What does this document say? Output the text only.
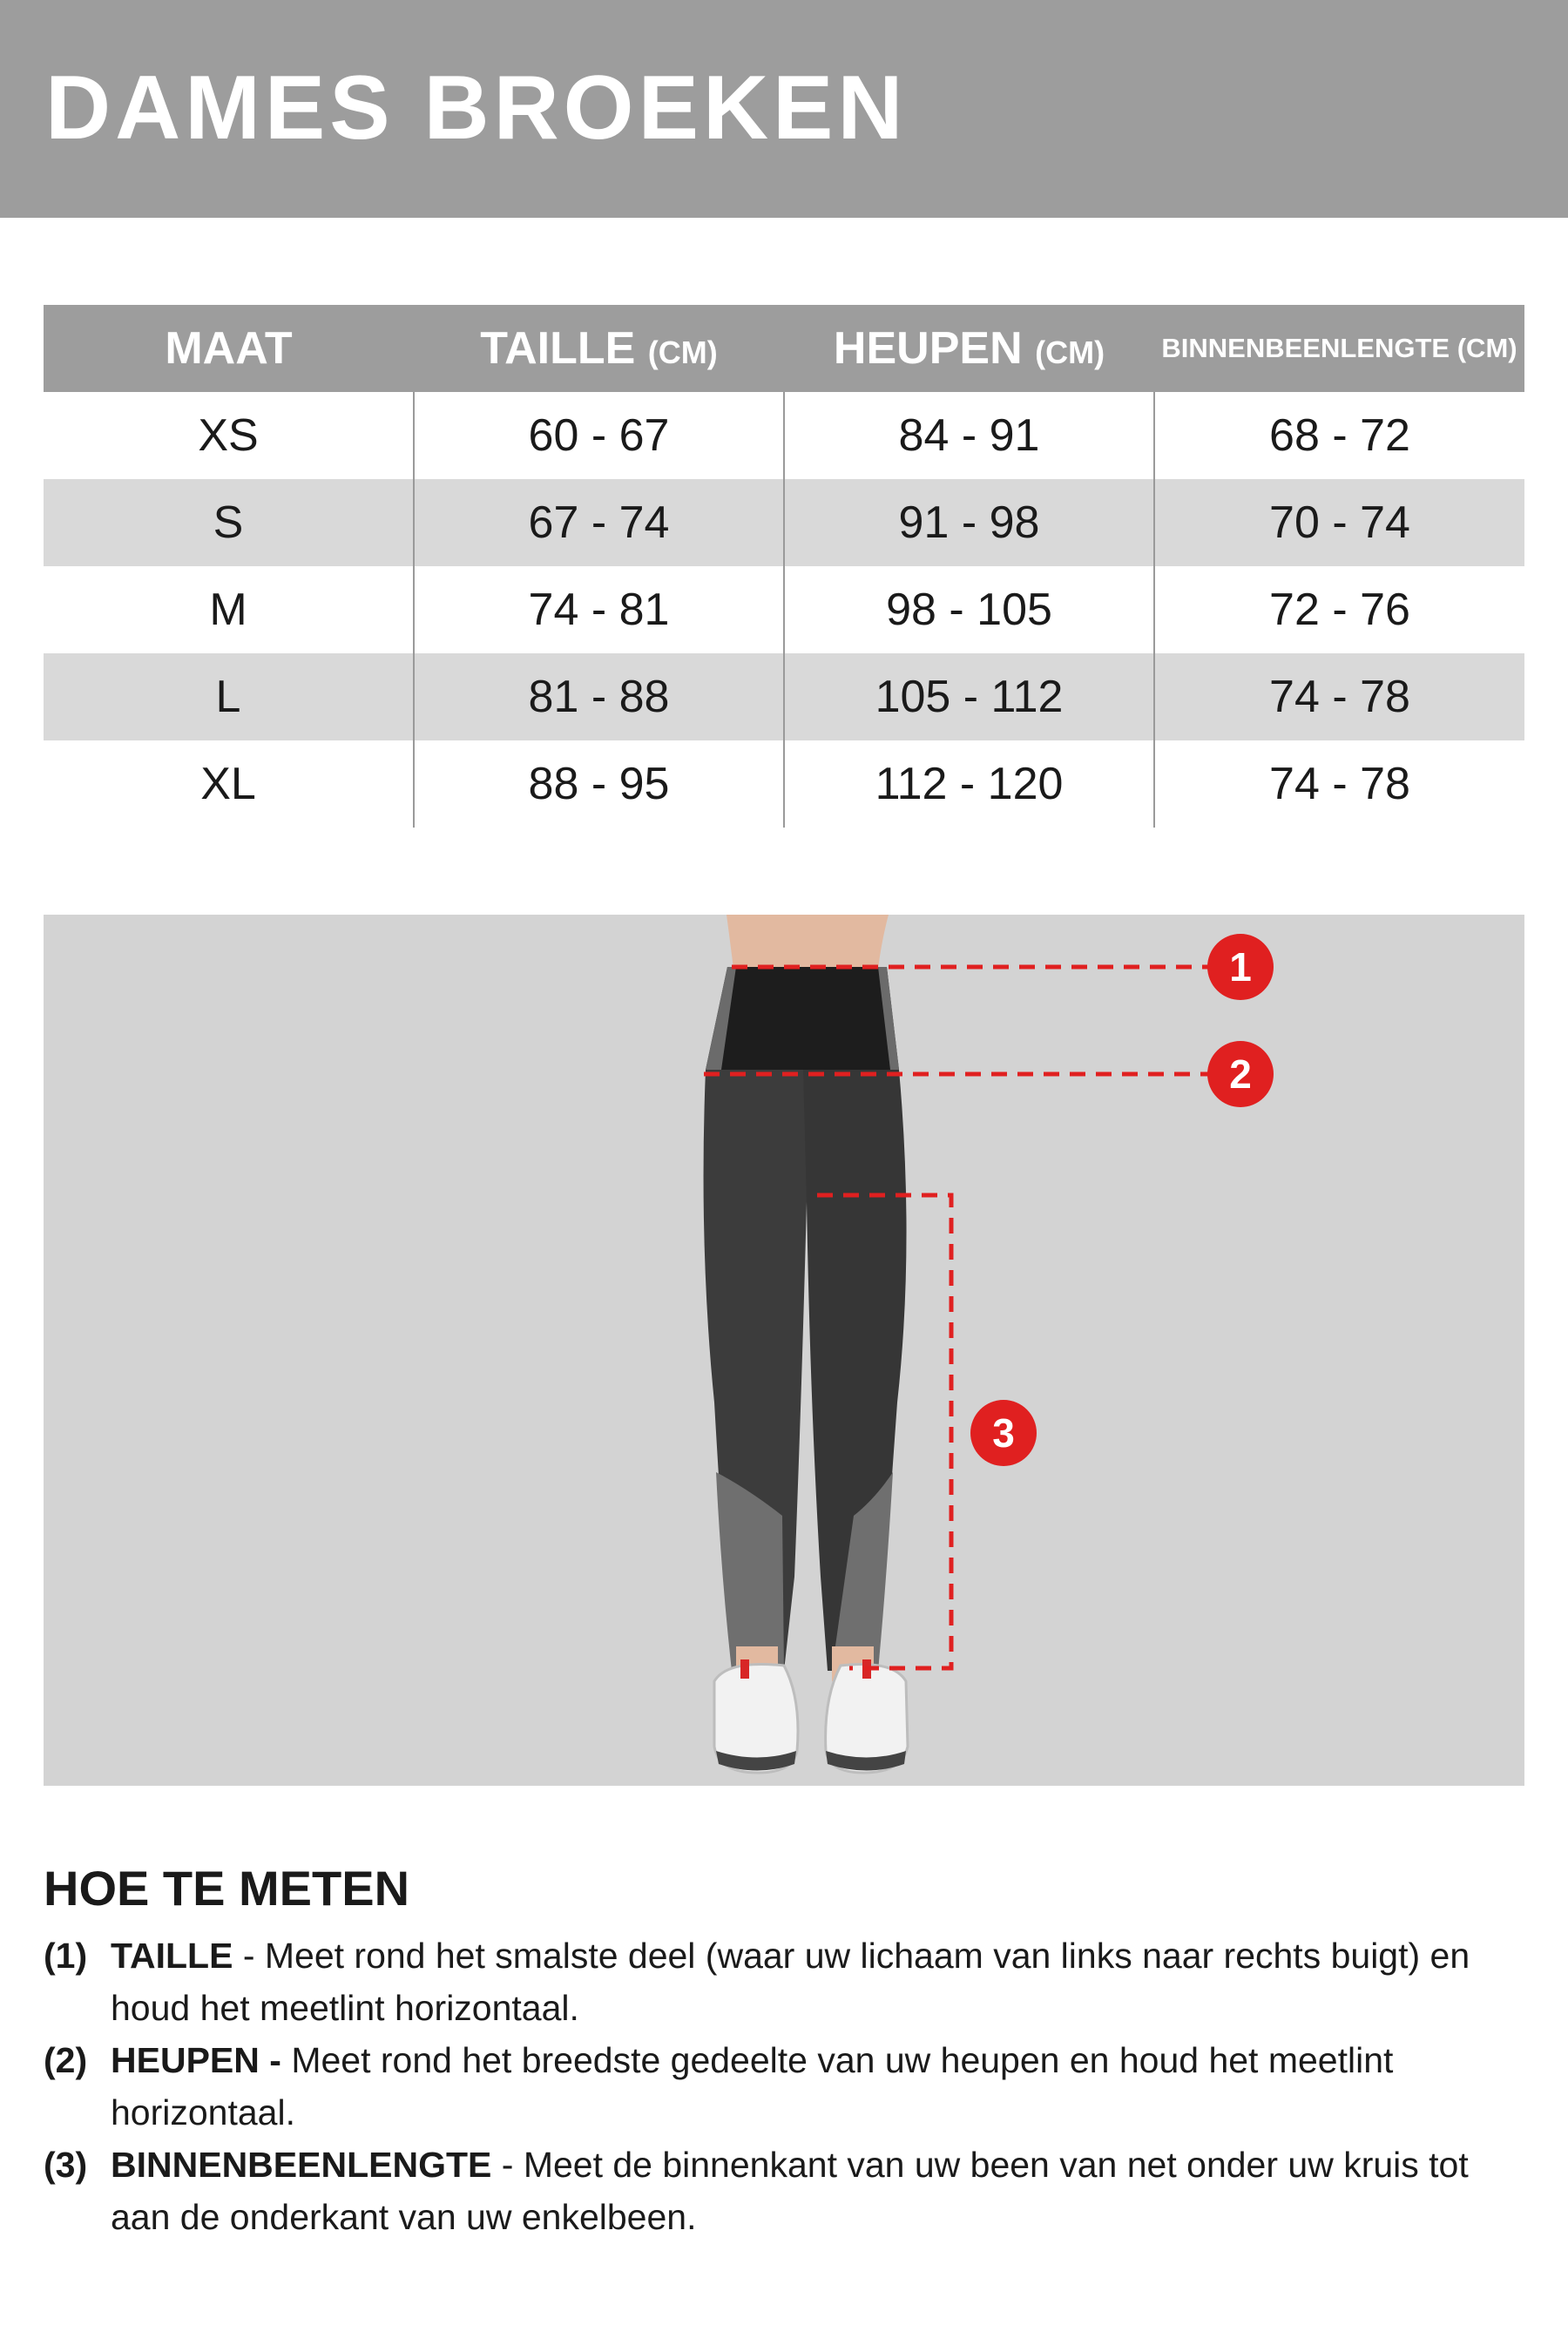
DAMES BROEKEN
MAAT	TAILLE (CM)	HEUPEN (CM)	BINNENBEENLENGTE (CM)
XS	60 - 67	84 - 91	68 - 72
S	67 - 74	91 - 98	70 - 74
M	74 - 81	98 - 105	72 - 76
L	81 - 88	105 - 112	74 - 78
XL	88 - 95	112 - 120	74 - 78
1
2
3
HOE TE METEN
(1) TAILLE - Meet rond het smalste deel (waar uw lichaam van links naar rechts buigt) en houd het meetlint horizontaal.
(2) HEUPEN - Meet rond het breedste gedeelte van uw heupen en houd het meetlint horizontaal.
(3) BINNENBEENLENGTE - Meet de binnenkant van uw been van net onder uw kruis tot aan de onderkant van uw enkelbeen.
